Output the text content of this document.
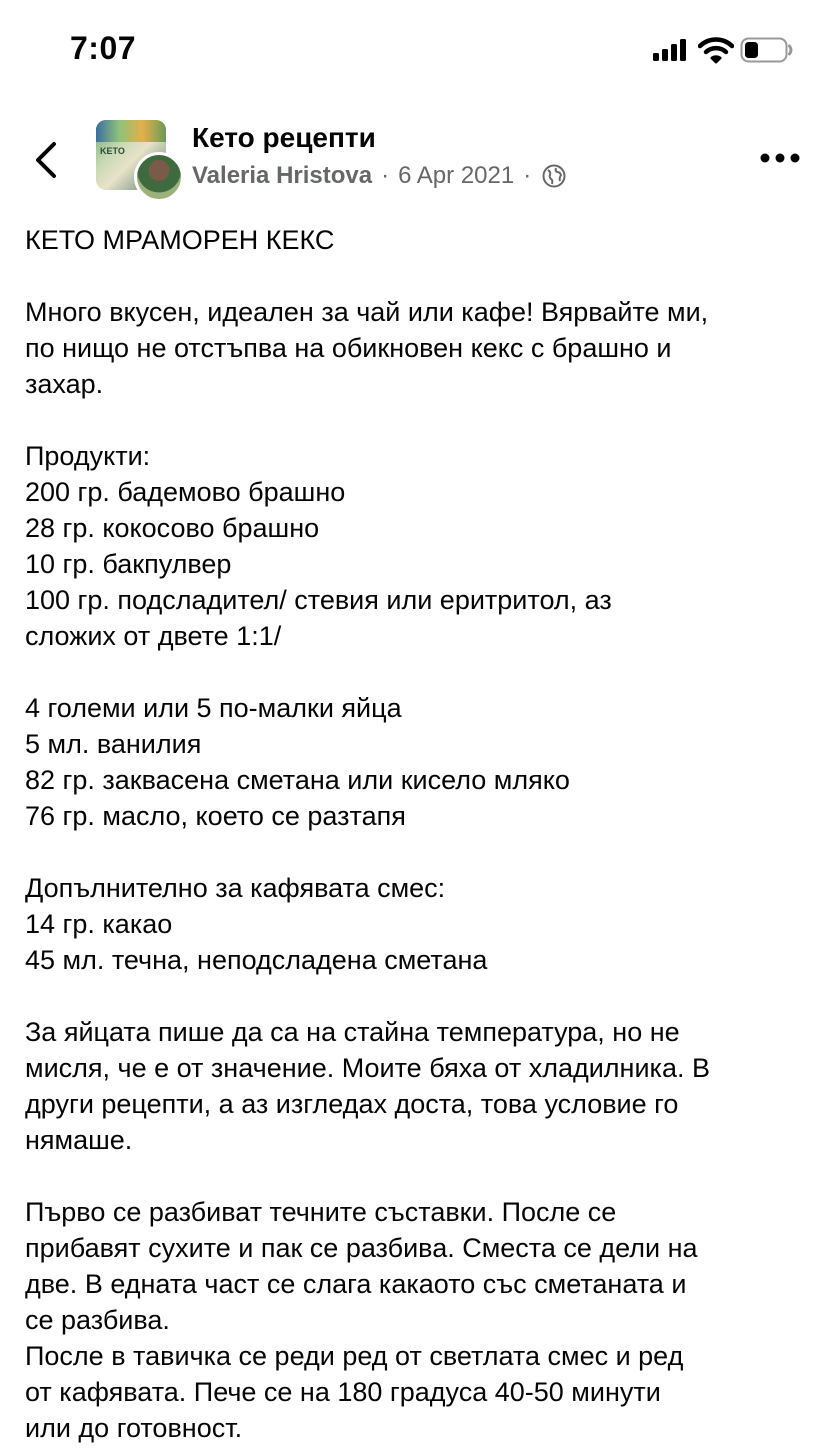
7:07
KETO Кето рецепти
Valeria Hristova · 6 Apr 2021 ·

КЕТО МРАМОРЕН КЕКС

Много вкусен, идеален за чай или кафе! Вярвайте ми,

по нищо не отстъпва на обикновен кекс с брашно и

захар.

Продукти:

200 гр. бадемово брашно

28 гр. кокосово брашно

10 гр. бакпулвер

100 гр. подсладител/ стевия или еритритол, аз

сложих от двете 1:1/

4 големи или 5 по-малки яйца

5 мл. ванилия

82 гр. заквасена сметана или кисело мляко

76 гр. масло, което се разтапя

Допълнително за кафявата смес:

14 гр. какао

45 мл. течна, неподсладена сметана

За яйцата пише да са на стайна температура, но не

мисля, че е от значение. Моите бяха от хладилника. В

други рецепти, а аз изгледах доста, това условие го

нямаше.

Първо се разбиват течните съставки. После се

прибавят сухите и пак се разбива. Сместа се дели на

две. В едната част се слага какаото със сметаната и

се разбива.

После в тавичка се реди ред от светлата смес и ред

от кафявата. Пече се на 180 градуса 40-50 минути

или до готовност.
